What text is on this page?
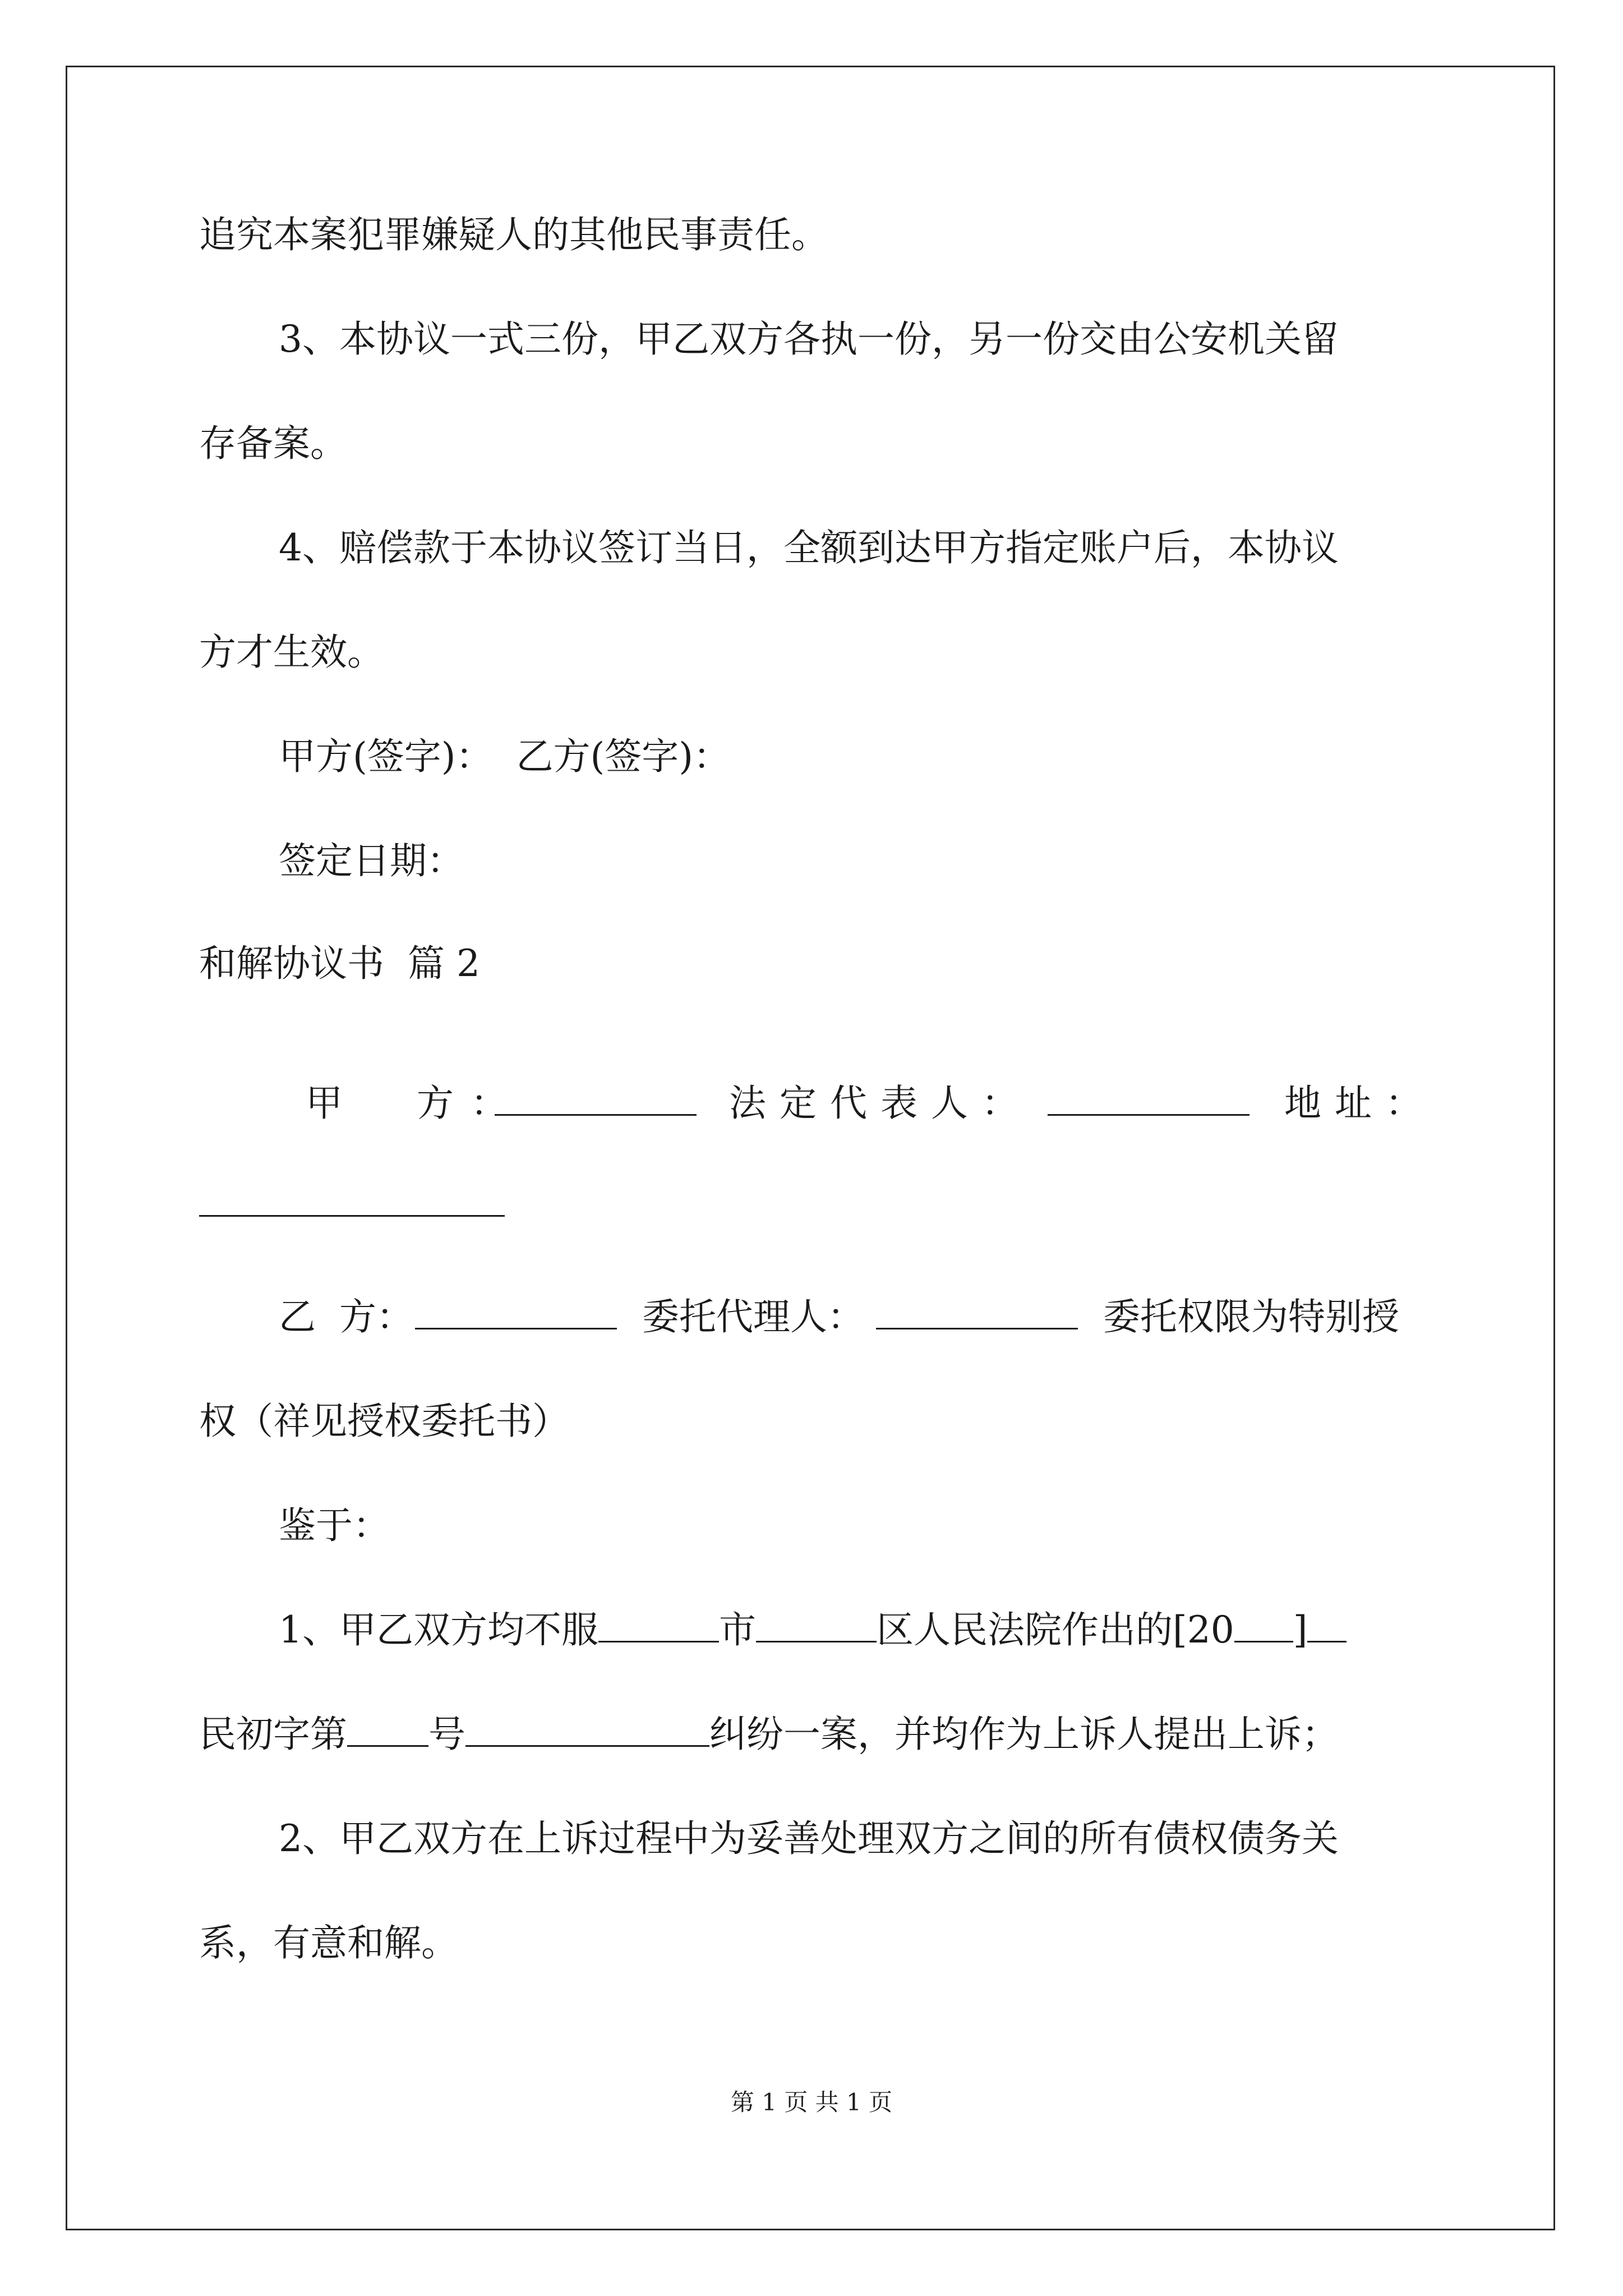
追究本案犯罪嫌疑人的其他民事责任。
3、本协议一式三份，甲乙双方各执一份，另一份交由公安机关留
存备案。
4、赔偿款于本协议签订当日，全额到达甲方指定账户后，本协议
方才生效。
甲方(签字)：  乙方(签字)：
签定日期：
和解协议书  篇 2
甲  方：	法定代表人：	地址：
乙  方：	委托代理人：	委托权限为特别授
权（祥见授权委托书）
鉴于：
1、甲乙双方均不服	市	区人民法院作出的[20 ]
民初字第 号	纠纷一案，并均作为上诉人提出上诉；
2、甲乙双方在上诉过程中为妥善处理双方之间的所有债权债务关
系，有意和解。
第 1 页 共 1 页
